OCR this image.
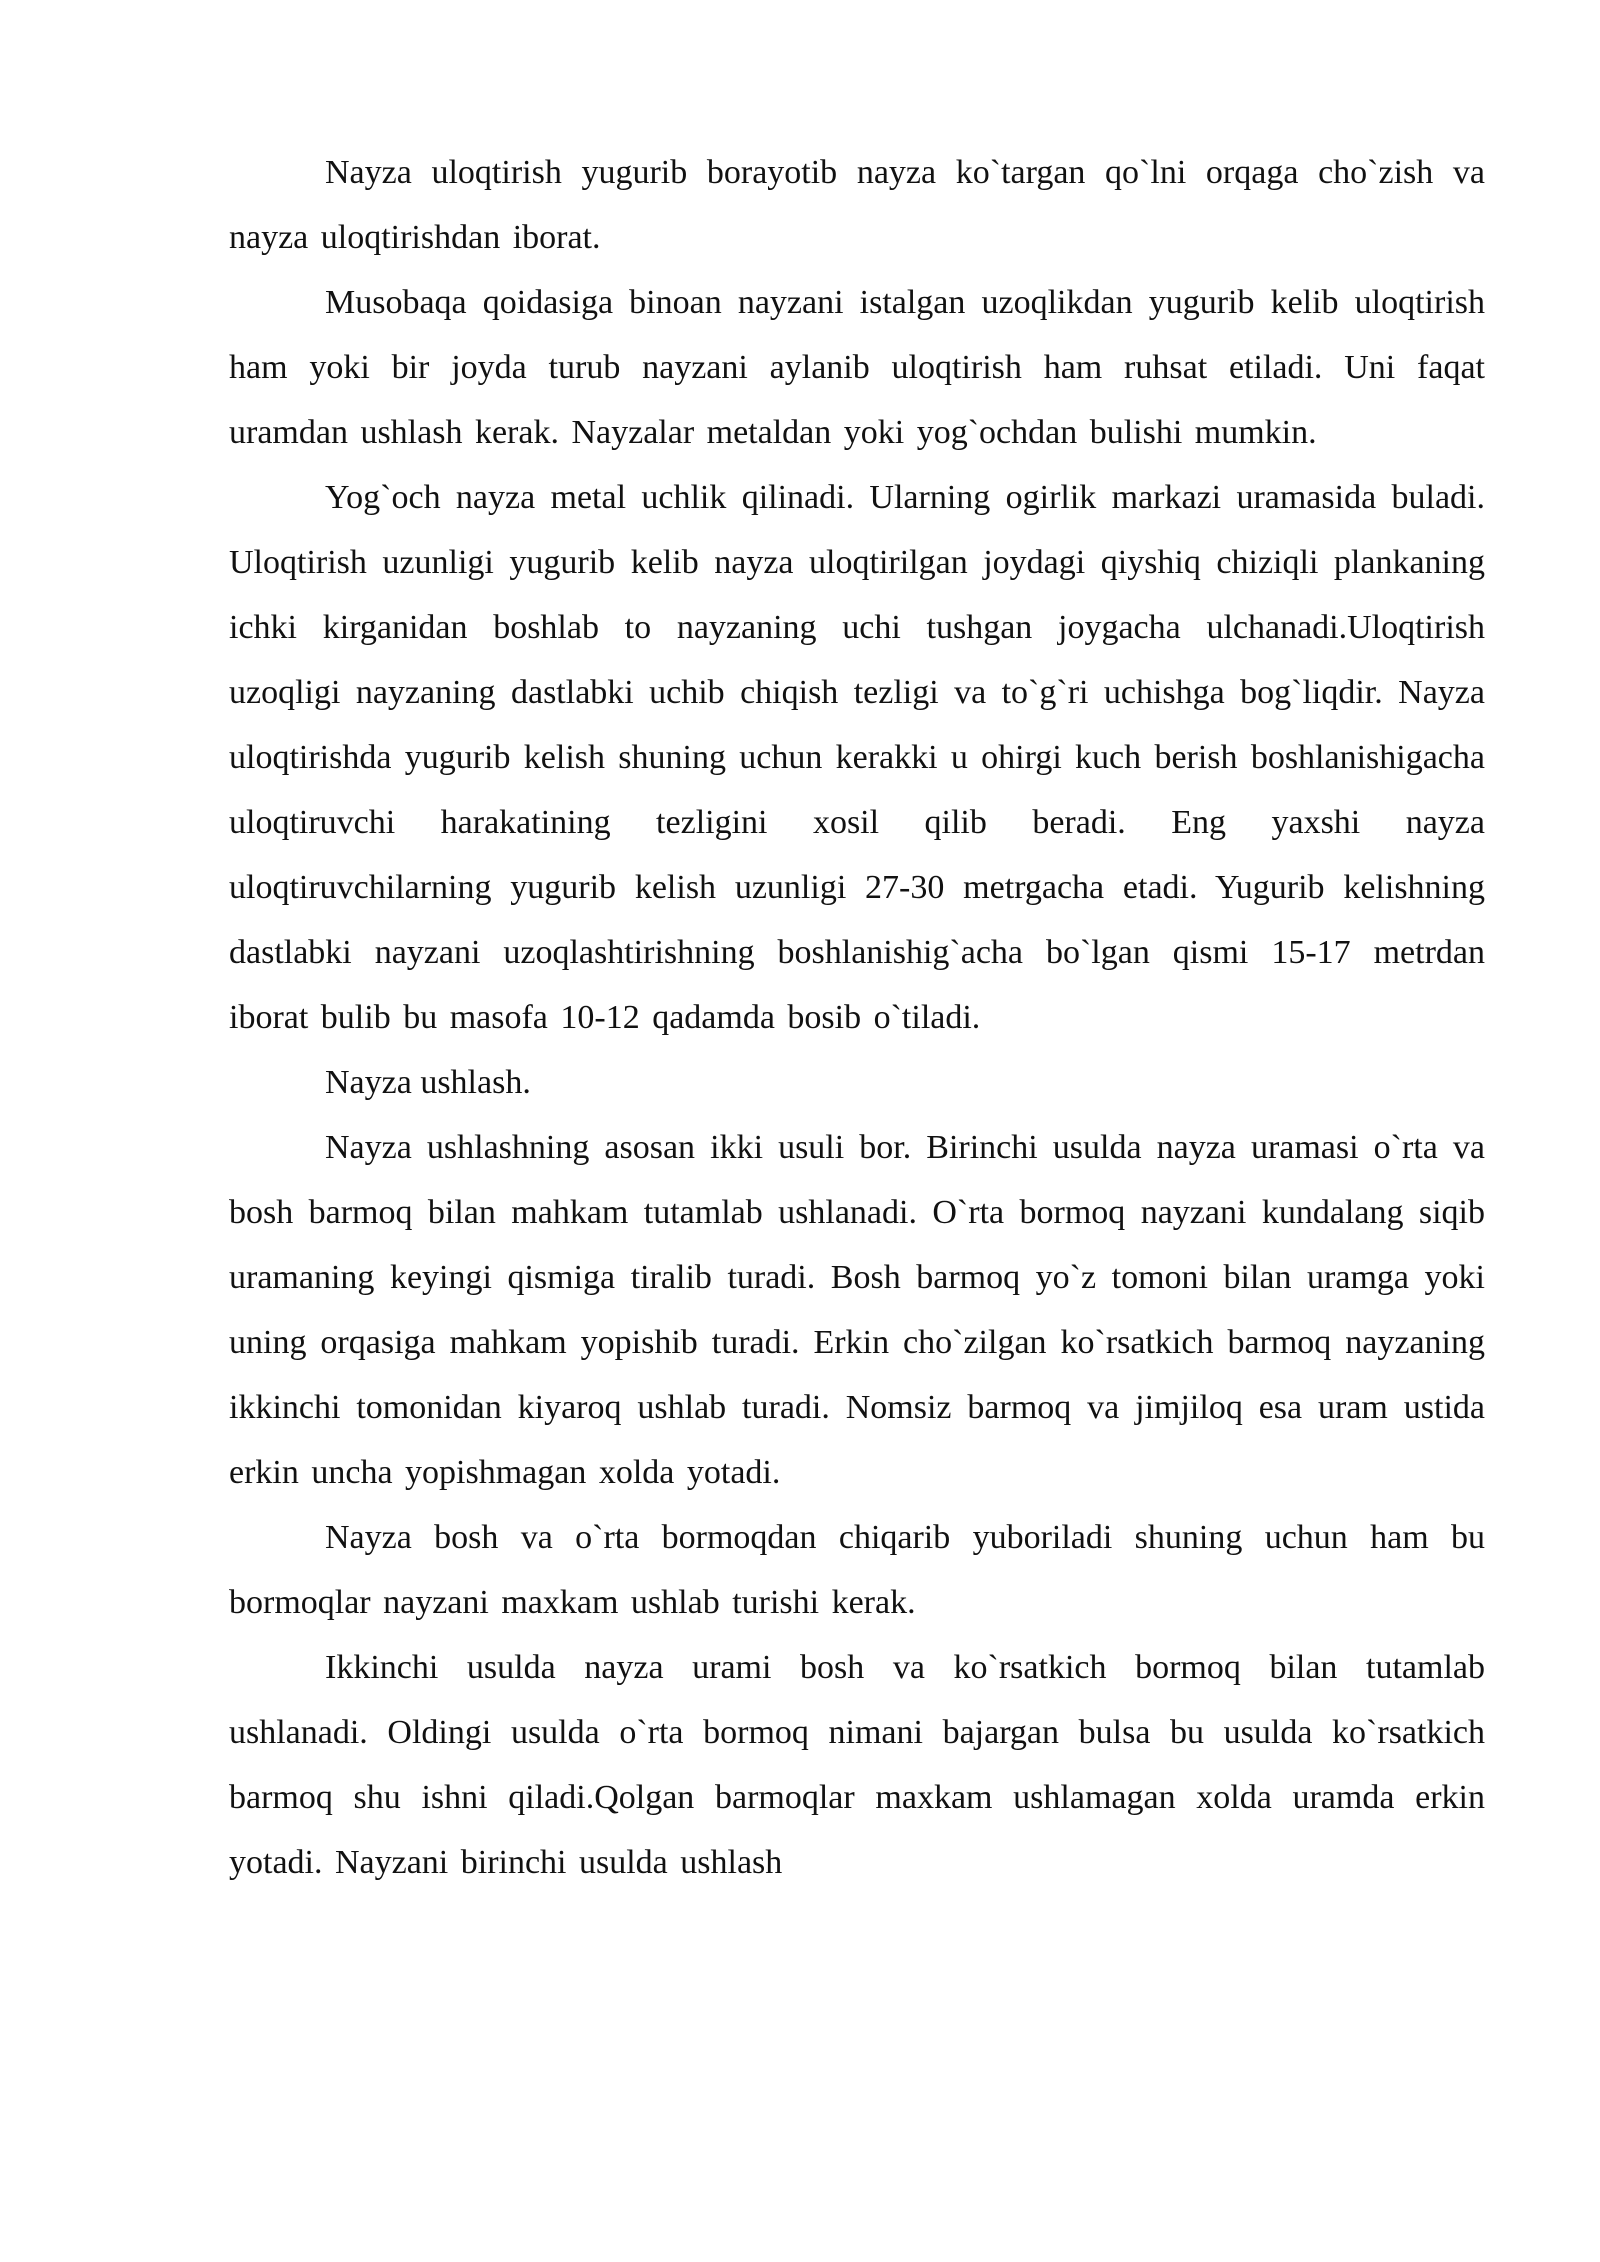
Nayza uloqtirish yugurib borayotib nayza ko`targan qo`lni orqaga cho`zish va nayza uloqtirishdan iborat.

Musobaqa qoidasiga binoan nayzani istalgan uzoqlikdan yugurib kelib uloqtirish ham yoki bir joyda turub nayzani aylanib uloqtirish ham ruhsat etiladi. Uni faqat uramdan ushlash kerak. Nayzalar metaldan yoki yog`ochdan bulishi mumkin.

Yog`och nayza metal uchlik qilinadi. Ularning ogirlik markazi uramasida buladi. Uloqtirish uzunligi yugurib kelib nayza uloqtirilgan joydagi qiyshiq chiziqli plankaning ichki kirganidan boshlab to nayzaning uchi tushgan joygacha ulchanadi.Uloqtirish uzoqligi nayzaning dastlabki uchib chiqish tezligi va to`g`ri uchishga bog`liqdir. Nayza uloqtirishda yugurib kelish shuning uchun kerakki u ohirgi kuch berish boshlanishigacha uloqtiruvchi harakatining tezligini xosil qilib beradi. Eng yaxshi nayza uloqtiruvchilarning yugurib kelish uzunligi 27-30 metrgacha etadi. Yugurib kelishning dastlabki nayzani uzoqlashtirishning boshlanishig`acha bo`lgan qismi 15-17 metrdan iborat bulib bu masofa 10-12 qadamda bosib o`tiladi.

Nayza ushlash.

Nayza ushlashning asosan ikki usuli bor. Birinchi usulda nayza uramasi o`rta va bosh barmoq bilan mahkam tutamlab ushlanadi. O`rta bormoq nayzani kundalang siqib uramaning keyingi qismiga tiralib turadi. Bosh barmoq yo`z tomoni bilan uramga yoki uning orqasiga mahkam yopishib turadi. Erkin cho`zilgan ko`rsatkich barmoq nayzaning ikkinchi tomonidan kiyaroq ushlab turadi. Nomsiz barmoq va jimjiloq esa uram ustida erkin uncha yopishmagan xolda yotadi.

Nayza bosh va o`rta bormoqdan chiqarib yuboriladi shuning uchun ham bu bormoqlar nayzani maxkam ushlab turishi kerak.

Ikkinchi usulda nayza urami bosh va ko`rsatkich bormoq bilan tutamlab ushlanadi. Oldingi usulda o`rta bormoq nimani bajargan bulsa bu usulda ko`rsatkich barmoq shu ishni qiladi.Qolgan barmoqlar maxkam ushlamagan xolda uramda erkin yotadi. Nayzani birinchi usulda ushlash
